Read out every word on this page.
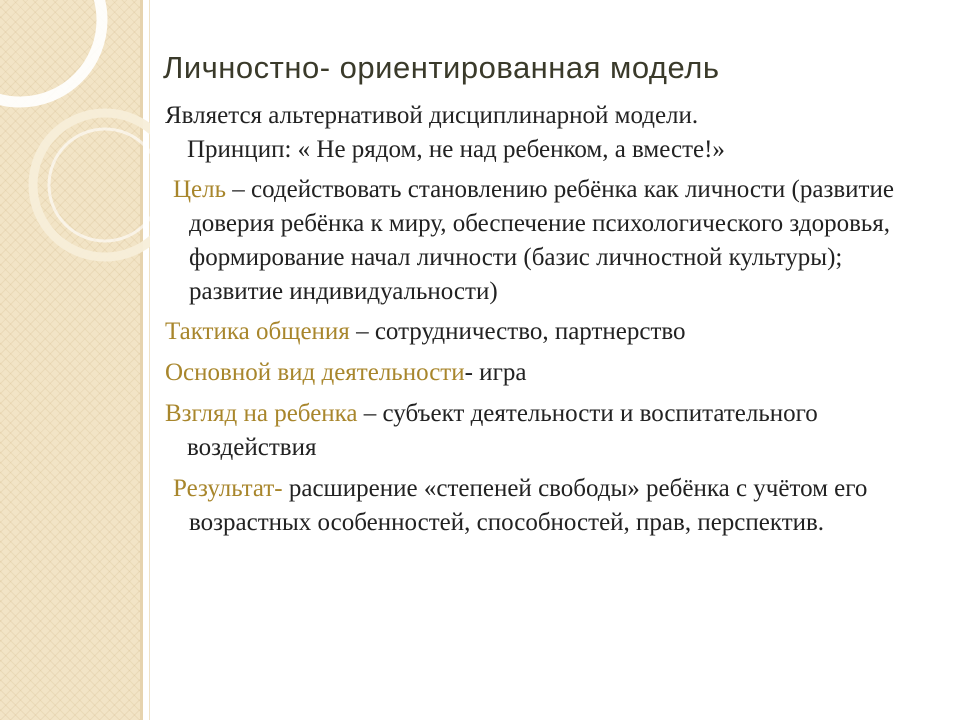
Личностно- ориентированная модель

Является альтернативой дисциплинарной модели.
Принцип: « Не рядом, не над ребенком, а вместе!»

Цель – содействовать становлению ребёнка как личности (развитие доверия ребёнка к миру, обеспечение психологического здоровья, формирование начал личности (базис личностной культуры); развитие индивидуальности)

Тактика общения – сотрудничество, партнерство

Основной вид деятельности- игра

Взгляд на ребенка – субъект деятельности и воспитательного воздействия

Результат- расширение «степеней свободы» ребёнка с учётом его возрастных особенностей, способностей, прав, перспектив.
